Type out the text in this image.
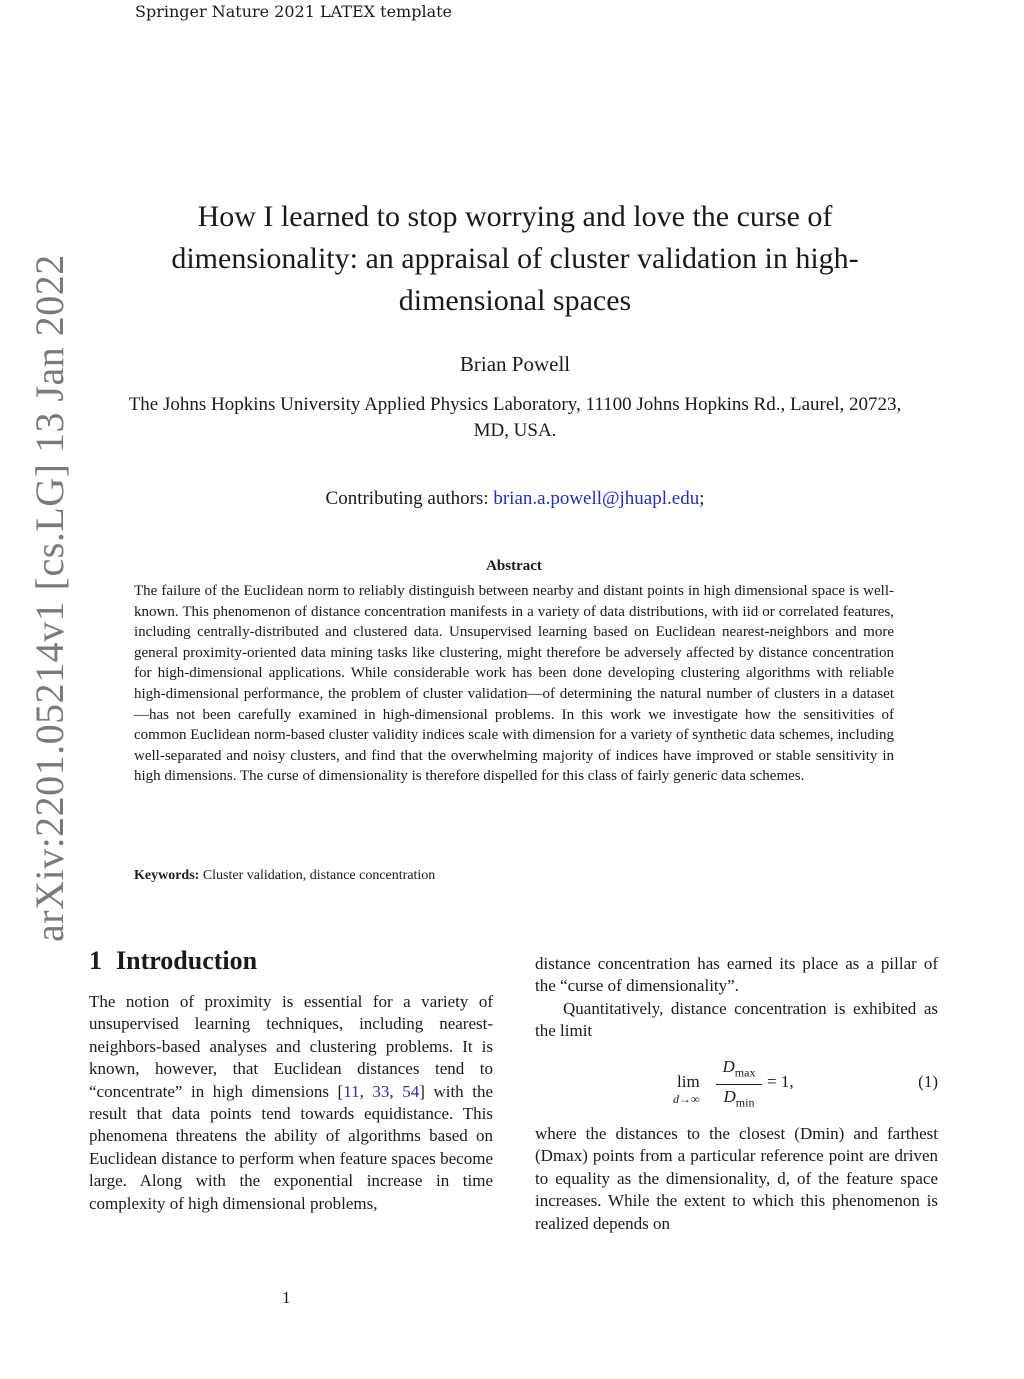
Springer Nature 2021 LATEX template
arXiv:2201.05214v1 [cs.LG] 13 Jan 2022
How I learned to stop worrying and love the curse of dimensionality: an appraisal of cluster validation in high-dimensional spaces
Brian Powell
The Johns Hopkins University Applied Physics Laboratory, 11100 Johns Hopkins Rd., Laurel, 20723, MD, USA.
Contributing authors: brian.a.powell@jhuapl.edu;
Abstract
The failure of the Euclidean norm to reliably distinguish between nearby and distant points in high dimensional space is well-known. This phenomenon of distance concentration manifests in a variety of data distributions, with iid or correlated features, including centrally-distributed and clustered data. Unsupervised learning based on Euclidean nearest-neighbors and more general proximity-oriented data mining tasks like clustering, might therefore be adversely affected by distance concentration for high-dimensional applications. While considerable work has been done developing clustering algorithms with reliable high-dimensional performance, the problem of cluster validation—of determining the natural number of clusters in a dataset—has not been carefully examined in high-dimensional problems. In this work we investigate how the sensitivities of common Euclidean norm-based cluster validity indices scale with dimension for a variety of synthetic data schemes, including well-separated and noisy clusters, and find that the overwhelming majority of indices have improved or stable sensitivity in high dimensions. The curse of dimensionality is therefore dispelled for this class of fairly generic data schemes.
Keywords: Cluster validation, distance concentration
1 Introduction
The notion of proximity is essential for a variety of unsupervised learning techniques, including nearest-neighbors-based analyses and clustering problems. It is known, however, that Euclidean distances tend to “concentrate” in high dimensions [11, 33, 54] with the result that data points tend towards equidistance. This phenomena threatens the ability of algorithms based on Euclidean distance to perform when feature spaces become large. Along with the exponential increase in time complexity of high dimensional problems,
distance concentration has earned its place as a pillar of the “curse of dimensionality”.
Quantitatively, distance concentration is exhibited as the limit
lim
d→∞
$D_{max}$
$D_{min}$
= 1,	(1)
where the distances to the closest (Dmin) and farthest (Dmax) points from a particular reference point are driven to equality as the dimensionality, d, of the feature space increases. While the extent to which this phenomenon is realized depends on
1
